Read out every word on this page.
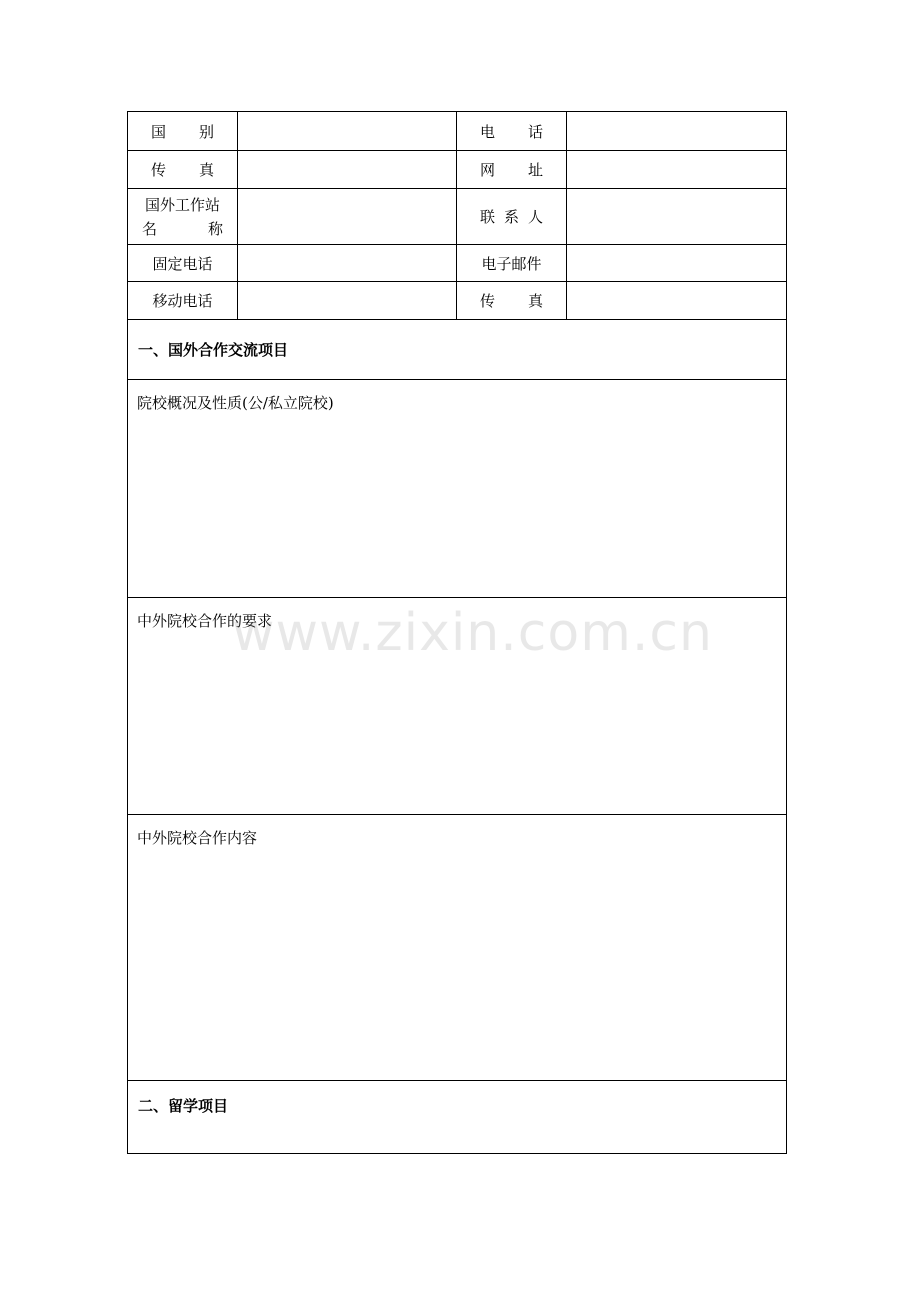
国 别		电 话	

传 真		网 址	

国外工作站
名 称		联 系 人	

固定电话		电子邮件	
移动电话		传 真	

一、国外合作交流项目			
院校概况及性质(公/私立院校)			
中外院校合作的要求			
中外院校合作内容			
二、留学项目			
www.zixin.com.cn
